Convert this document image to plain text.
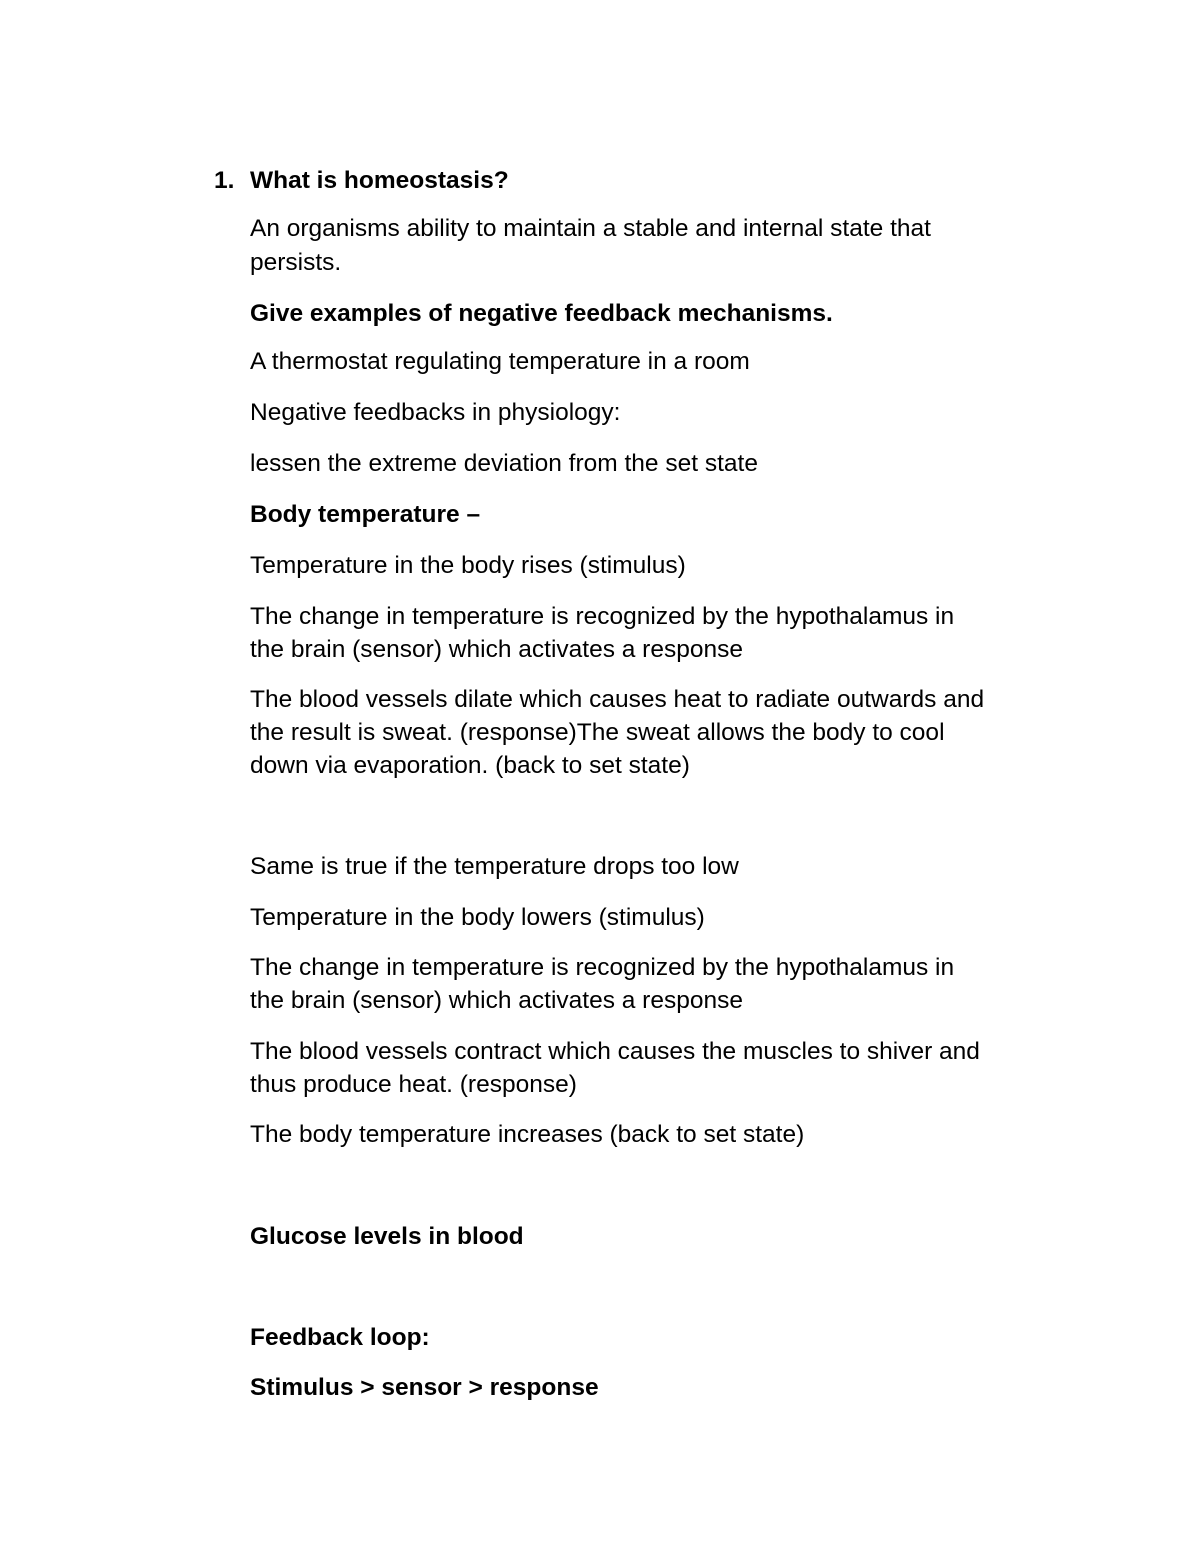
1. What is homeostasis?
An organisms ability to maintain a stable and internal state that
persists.
Give examples of negative feedback mechanisms.
A thermostat regulating temperature in a room
Negative feedbacks in physiology:
lessen the extreme deviation from the set state
Body temperature –
Temperature in the body rises (stimulus)
The change in temperature is recognized by the hypothalamus in
the brain (sensor) which activates a response
The blood vessels dilate which causes heat to radiate outwards and
the result is sweat. (response)The sweat allows the body to cool
down via evaporation. (back to set state)
Same is true if the temperature drops too low
Temperature in the body lowers (stimulus)
The change in temperature is recognized by the hypothalamus in
the brain (sensor) which activates a response
The blood vessels contract which causes the muscles to shiver and
thus produce heat. (response)
The body temperature increases (back to set state)
Glucose levels in blood
Feedback loop:
Stimulus > sensor > response
